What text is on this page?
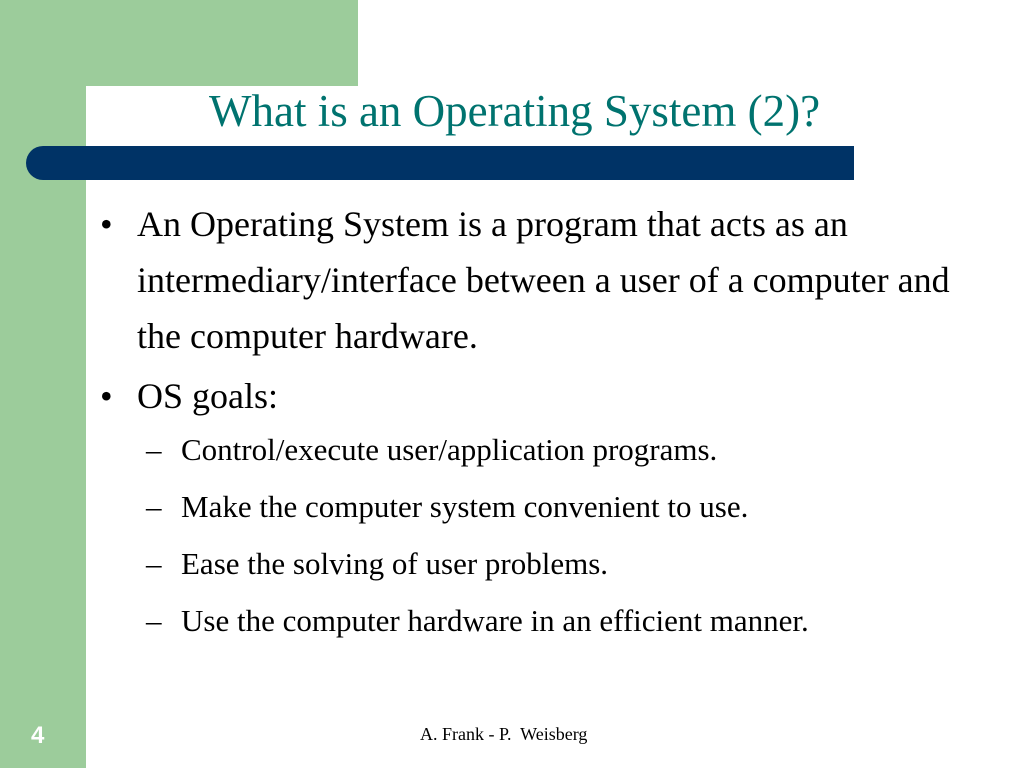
What is an Operating System (2)?
• An Operating System is a program that acts as an intermediary/interface between a user of a computer and the computer hardware.
• OS goals:
– Control/execute user/application programs.
– Make the computer system convenient to use.
– Ease the solving of user problems.
– Use the computer hardware in an efficient manner.
4	A. Frank - P.  Weisberg
